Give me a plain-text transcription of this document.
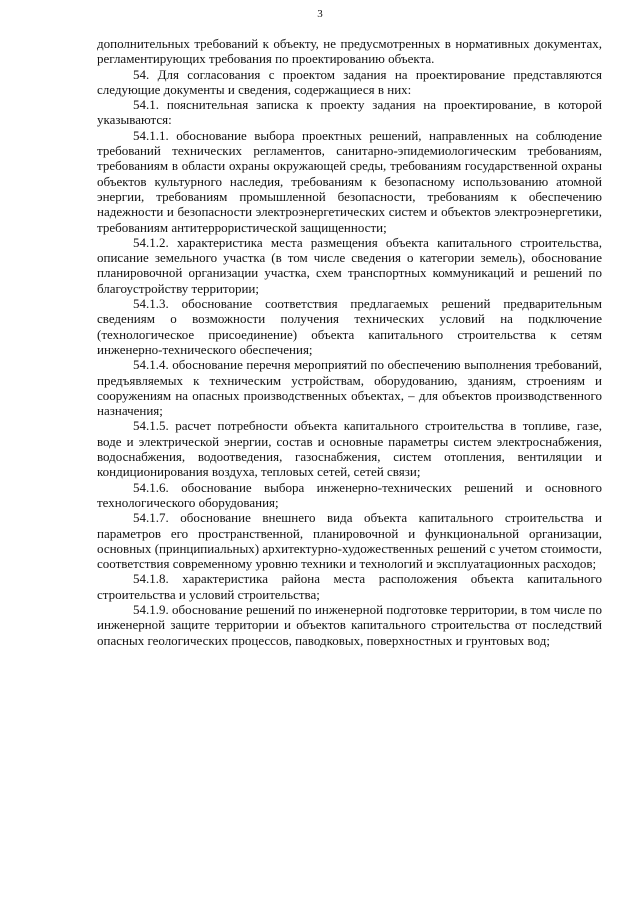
3

дополнительных требований к объекту, не предусмотренных в нормативных документах, регламентирующих требования по проектированию объекта.

54. Для согласования с проектом задания на проектирование представляются следующие документы и сведения, содержащиеся в них:

54.1. пояснительная записка к проекту задания на проектирование, в которой указываются:

54.1.1. обоснование выбора проектных решений, направленных на соблюдение требований технических регламентов, санитарно-эпидемиологическим требованиям, требованиям в области охраны окружающей среды, требованиям государственной охраны объектов культурного наследия, требованиям к безопасному использованию атомной энергии, требованиям промышленной безопасности, требованиям к обеспечению надежности и безопасности электроэнергетических систем и объектов электроэнергетики, требованиям антитеррористической защищенности;

54.1.2. характеристика места размещения объекта капитального строительства, описание земельного участка (в том числе сведения о категории земель), обоснование планировочной организации участка, схем транспортных коммуникаций и решений по благоустройству территории;

54.1.3. обоснование соответствия предлагаемых решений предварительным сведениям о возможности получения технических условий на подключение (технологическое присоединение) объекта капитального строительства к сетям инженерно-технического обеспечения;

54.1.4. обоснование перечня мероприятий по обеспечению выполнения требований, предъявляемых к техническим устройствам, оборудованию, зданиям, строениям и сооружениям на опасных производственных объектах, – для объектов производственного назначения;

54.1.5. расчет потребности объекта капитального строительства в топливе, газе, воде и электрической энергии, состав и основные параметры систем электроснабжения, водоснабжения, водоотведения, газоснабжения, систем отопления, вентиляции и кондиционирования воздуха, тепловых сетей, сетей связи;

54.1.6. обоснование выбора инженерно-технических решений и основного технологического оборудования;

54.1.7. обоснование внешнего вида объекта капитального строительства и параметров его пространственной, планировочной и функциональной организации, основных (принципиальных) архитектурно-художественных решений с учетом стоимости, соответствия современному уровню техники и технологий и эксплуатационных расходов;

54.1.8. характеристика района места расположения объекта капитального строительства и условий строительства;

54.1.9. обоснование решений по инженерной подготовке территории, в том числе по инженерной защите территории и объектов капитального строительства от последствий опасных геологических процессов, паводковых, поверхностных и грунтовых вод;
